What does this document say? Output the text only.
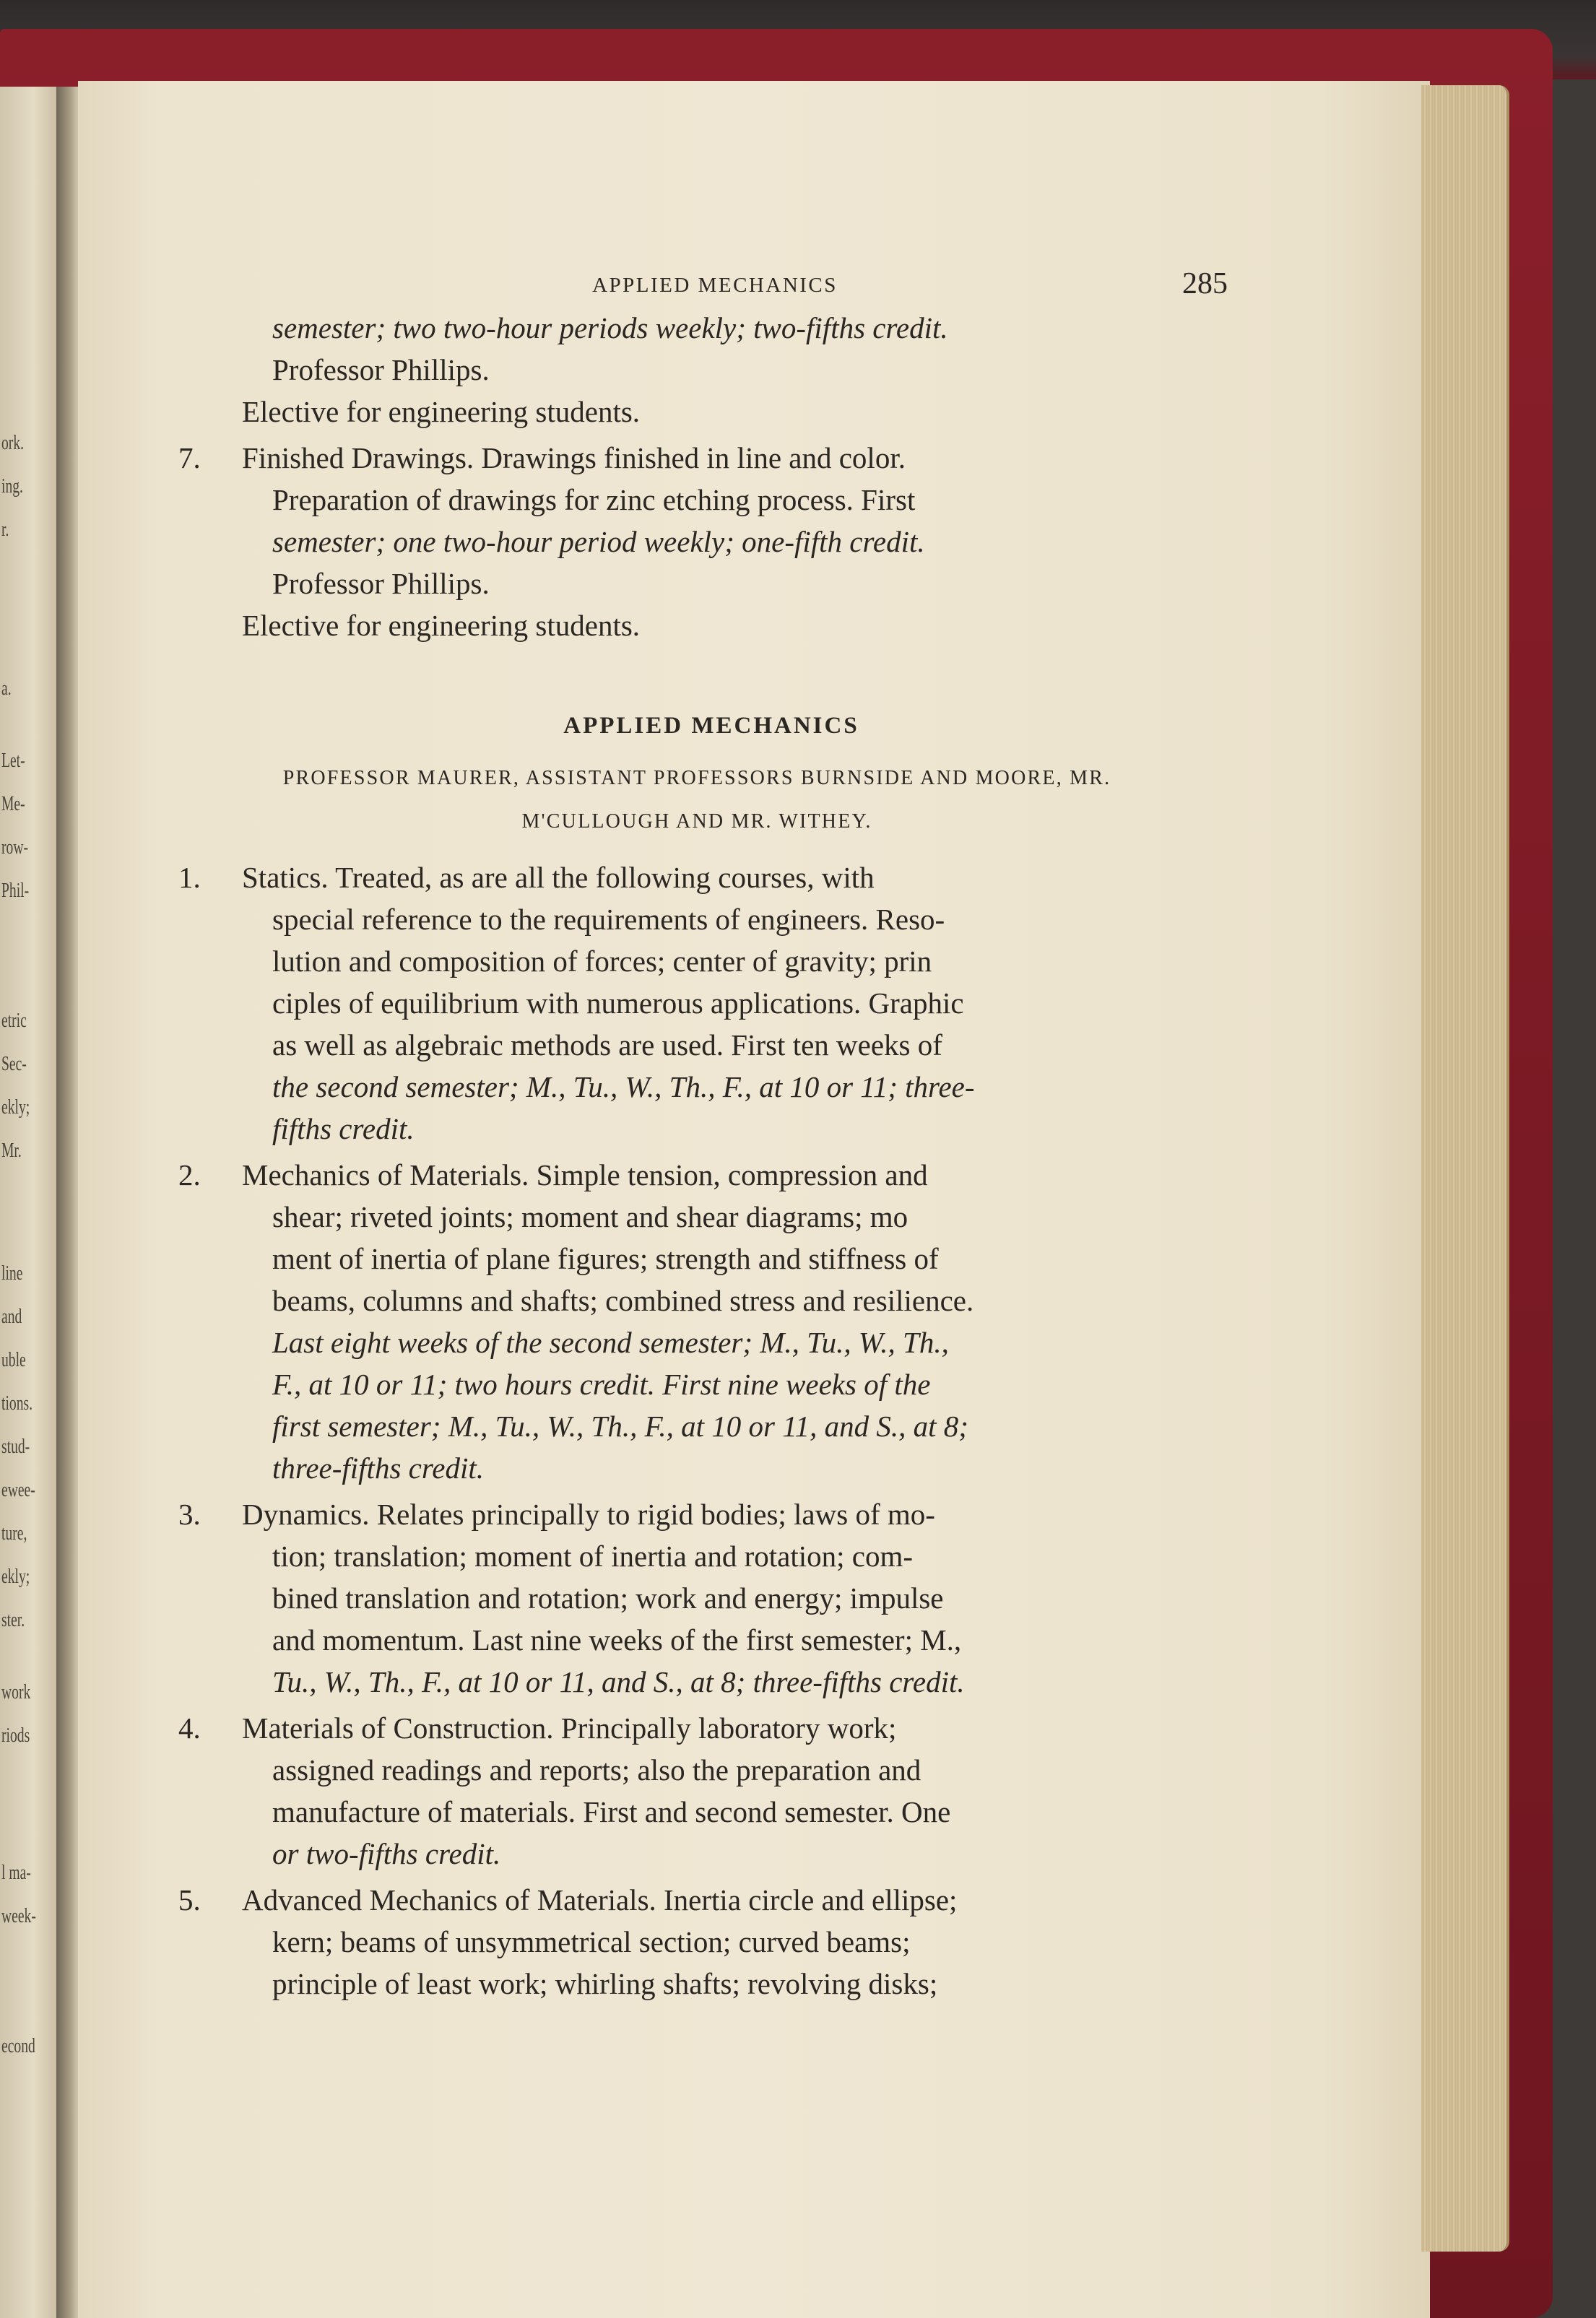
ork.
ing.
r.
a.
Let-
Me-
row-
Phil-
etric
Sec-
ekly;
Mr.
line
and
uble
tions.
stud-
ewee-
ture,
ekly;
ster.
work
riods
l ma-
week-
econd
APPLIED MECHANICS	285

semester; two two-hour periods weekly; two-fifths credit.

Professor Phillips.

Elective for engineering students.

7. Finished Drawings. Drawings finished in line and color.

Preparation of drawings for zinc etching process. First

semester; one two-hour period weekly; one-fifth credit.

Professor Phillips.

Elective for engineering students.

APPLIED MECHANICS
PROFESSOR MAURER, ASSISTANT PROFESSORS BURNSIDE AND MOORE, MR.
M'CULLOUGH AND MR. WITHEY.

1. Statics. Treated, as are all the following courses, with

special reference to the requirements of engineers. Reso-

lution and composition of forces; center of gravity; prin

ciples of equilibrium with numerous applications. Graphic

as well as algebraic methods are used. First ten weeks of

the second semester; M., Tu., W., Th., F., at 10 or 11; three-

fifths credit.

2. Mechanics of Materials. Simple tension, compression and

shear; riveted joints; moment and shear diagrams; mo

ment of inertia of plane figures; strength and stiffness of

beams, columns and shafts; combined stress and resilience.

Last eight weeks of the second semester; M., Tu., W., Th.,

F., at 10 or 11; two hours credit. First nine weeks of the

first semester; M., Tu., W., Th., F., at 10 or 11, and S., at 8;

three-fifths credit.

3. Dynamics. Relates principally to rigid bodies; laws of mo-

tion; translation; moment of inertia and rotation; com-

bined translation and rotation; work and energy; impulse

and momentum. Last nine weeks of the first semester; M.,

Tu., W., Th., F., at 10 or 11, and S., at 8; three-fifths credit.

4. Materials of Construction. Principally laboratory work;

assigned readings and reports; also the preparation and

manufacture of materials. First and second semester. One

or two-fifths credit.

5. Advanced Mechanics of Materials. Inertia circle and ellipse;

kern; beams of unsymmetrical section; curved beams;

principle of least work; whirling shafts; revolving disks;
